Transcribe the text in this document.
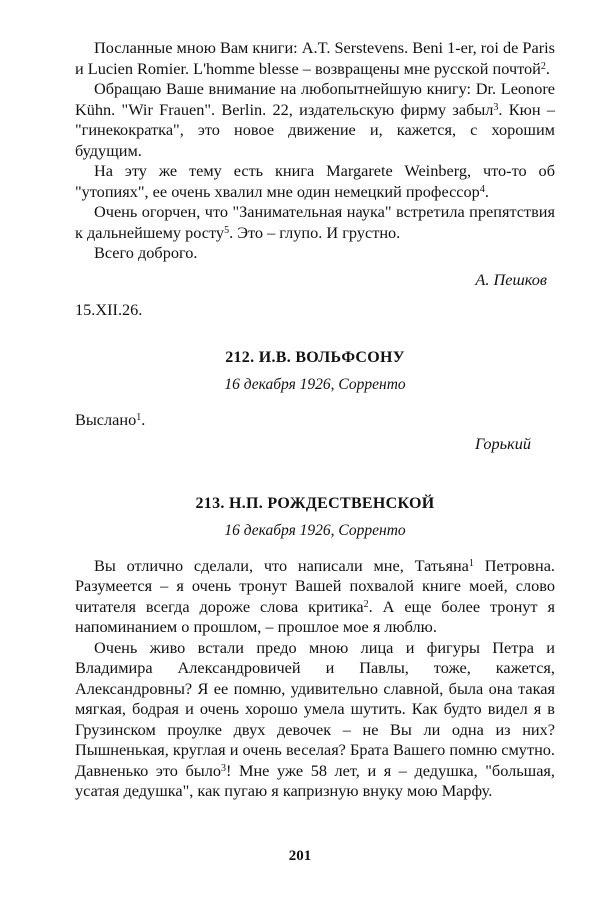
Посланные мною Вам книги: A.T. Serstevens. Beni 1-er, roi de Paris и Lucien Romier. L'homme blesse – возвращены мне русской почтой$^2$.

Обращаю Ваше внимание на любопытнейшую книгу: Dr. Leonore Kühn. "Wir Frauen". Berlin. 22, издательскую фирму забыл$^3$. Кюн – "гинекократка", это новое движение и, кажется, с хорошим будущим.

На эту же тему есть книга Margarete Weinberg, что-то об "утопиях", ее очень хвалил мне один немецкий профессор$^4$.

Очень огорчен, что "Занимательная наука" встретила препятствия к дальнейшему росту$^5$. Это – глупо. И грустно.

Всего доброго.

А. Пешков
15.XII.26.
212. И.В. ВОЛЬФСОНУ
16 декабря 1926, Сорренто

Выслано$^1$.

Горький
213. Н.П. РОЖДЕСТВЕНСКОЙ
16 декабря 1926, Сорренто

Вы отлично сделали, что написали мне, Татьяна$^1$ Петровна. Разумеется – я очень тронут Вашей похвалой книге моей, слово читателя всегда дороже слова критика$^2$. А еще более тронут я напоминанием о прошлом, – прошлое мое я люблю.

Очень живо встали предо мною лица и фигуры Петра и Владимира Александровичей и Павлы, тоже, кажется, Александровны? Я ее помню, удивительно славной, была она такая мягкая, бодрая и очень хорошо умела шутить. Как будто видел я в Грузинском проулке двух девочек – не Вы ли одна из них? Пышненькая, круглая и очень веселая? Брата Вашего помню смутно. Давненько это было$^3$! Мне уже 58 лет, и я – дедушка, "большая, усатая дедушка", как пугаю я капризную внуку мою Марфу.

201
